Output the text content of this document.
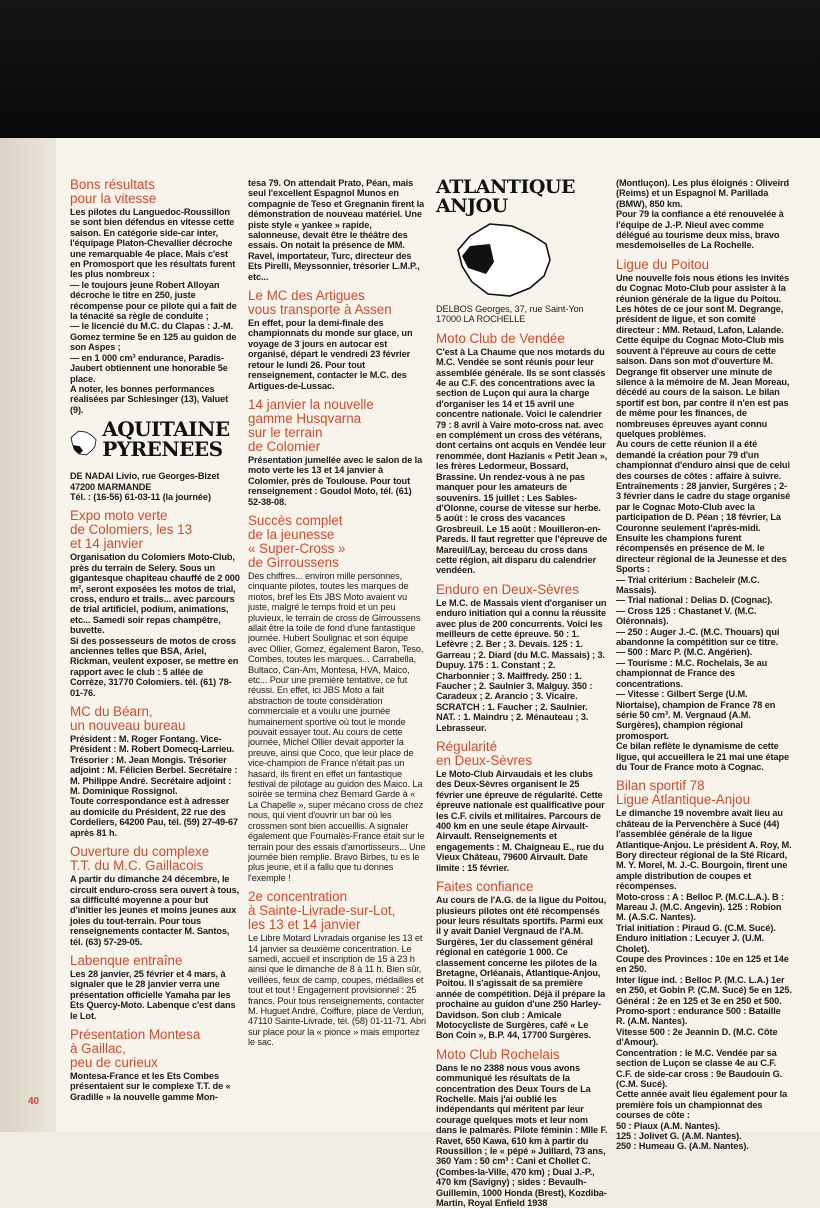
Bons résultats
pour la vitesse

Les pilotes du Languedoc-Roussillon se sont bien défendus en vitesse cette saison. En catégorie side-car inter, l'équipage Platon-Chevallier décroche une remarquable 4e place. Mais c'est en Promosport que les résultats furent les plus nombreux :

— le toujours jeune Robert Alloyan décroche le titre en 250, juste récompense pour ce pilote qui a fait de la ténacité sa règle de conduite ;

— le licencié du M.C. du Clapas : J.-M. Gomez termine 5e en 125 au guidon de son Aspes ;

— en 1 000 cm³ endurance, Paradis-Jaubert obtiennent une honorable 5e place.

A noter, les bonnes performances réalisées par Schlesinger (13), Valuet (9).

AQUITAINE PYRENEES

DE NADAI Livio, rue Georges-Bizet 47200 MARMANDE

Tél. : (16-56) 61-03-11 (la journée)

Expo moto verte
de Colomiers, les 13
et 14 janvier

Organisation du Colomiers Moto-Club, près du terrain de Selery. Sous un gigantesque chapiteau chauffé de 2 000 m², seront exposées les motos de trial, cross, enduro et trails... avec parcours de trial artificiel, podium, animations, etc... Samedi soir repas champêtre, buvette.

Si des possesseurs de motos de cross anciennes telles que BSA, Ariel, Rickman, veulent exposer, se mettre en rapport avec le club : 5 allée de Corrèze, 31770 Colomiers. tél. (61) 78-01-76.

MC du Béarn,
un nouveau bureau

Président : M. Roger Fontang. Vice-Président : M. Robert Domecq-Larrieu. Trésorier : M. Jean Mongis. Trésorier adjoint : M. Félicien Berbel. Secrétaire : M. Philippe André. Secrétaire adjoint : M. Dominique Rossignol.

Toute correspondance est à adresser au domicile du Président, 22 rue des Cordeliers, 64200 Pau, tél. (59) 27-49-67 après 81 h.

Ouverture du complexe
T.T. du M.C. Gaillacois

A partir du dimanche 24 décembre, le circuit enduro-cross sera ouvert à tous, sa difficulté moyenne a pour but d'initier les jeunes et moins jeunes aux joies du tout-terrain. Pour tous renseignements contacter M. Santos, tél. (63) 57-29-05.

Labenque entraîne

Les 28 janvier, 25 février et 4 mars, à signaler que le 28 janvier verra une présentation officielle Yamaha par les Ets Quercy-Moto. Labenque c'est dans le Lot.

Présentation Montesa
à Gaillac,
peu de curieux

Montesa-France et les Ets Combes présentaient sur le complexe T.T. de « Gradille » la nouvelle gamme Mon-

tesa 79. On attendait Prato, Péan, mais seul l'excellent Espagnol Munos en compagnie de Teso et Gregnanin firent la démonstration de nouveau matériel. Une piste style « yankee » rapide, salonneuse, devait être le théâtre des essais. On notait la présence de MM. Ravel, importateur, Turc, directeur des Ets Pirelli, Meyssonnier, trésorier L.M.P., etc...

Le MC des Artigues
vous transporte à Assen

En effet, pour la demi-finale des championnats du monde sur glace, un voyage de 3 jours en autocar est organisé, départ le vendredi 23 février retour le lundi 26. Pour tout renseignement, contacter le M.C. des Artigues-de-Lussac.

14 janvier la nouvelle
gamme Husqvarna
sur le terrain
de Colomier

Présentation jumellée avec le salon de la moto verte les 13 et 14 janvier à Colomier, près de Toulouse. Pour tout renseignement : Goudol Moto, tél. (61) 52-38-08.

Succès complet
de la jeunesse
« Super-Cross »
de Girroussens

Des chiffres... environ mille personnes, cinquante pilotes, toutes les marques de motos, bref les Ets JBS Moto avaient vu juste, malgré le temps froid et un peu pluvieux, le terrain de cross de Girroussens allait être la toile de fond d'une fantastique journée. Hubert Soulignac et son équipe avec Ollier, Gomez, également Baron, Teso, Combes, toutes les marques... Carrabella, Bultaco, Can-Am, Montesa, HVA, Maico, etc... Pour une première tentative, ce fut réussi. En effet, ici JBS Moto a fait abstraction de toute considération commerciale et a voulu une journée humainement sportive où tout le monde pouvait essayer tout. Au cours de cette journée, Michel Ollier devait apporter la preuve, ainsi que Coco, que leur place de vice-champion de France n'était pas un hasard, ils firent en effet un fantastique festival de pilotage au guidon des Maico. La soirée se termina chez Bernard Garde à « La Chapelle », super mécano cross de chez nous, qui vient d'ouvrir un bar où les crossmen sont bien accueillis. A signaler également que Fournalès-France était sur le terrain pour des essais d'amortisseurs... Une journée bien remplie. Bravo Birbes, tu es le plus jeune, et il a fallu que tu donnes l'exemple !

2e concentration
à Sainte-Livrade-sur-Lot,
les 13 et 14 janvier

Le Libre Motard Livradais organise les 13 et 14 janvier sa deuxième concentration. Le samedi, accueil et inscription de 15 à 23 h ainsi que le dimanche de 8 à 11 h. Bien sûr, veillées, feux de camp, coupes, médailles et tout et tout ! Engagement provisionnel : 25 francs. Pour tous renseignements, contacter M. Huguet André, Coiffure, place de Verdun, 47110 Sainte-Livrade, tél. (58) 01-11-71. Abri sur place pour la « pionce » mais emportez le sac.

ATLANTIQUE
ANJOU

DELBOS Georges, 37, rue Saint-Yon 17000 LA ROCHELLE

Moto Club de Vendée

C'est à La Chaume que nos motards du M.C. Vendée se sont réunis pour leur assemblée générale. Ils se sont classés 4e au C.F. des concentrations avec la section de Luçon qui aura la charge d'organiser les 14 et 15 avril une concentre nationale. Voici le calendrier 79 : 8 avril à Vaire moto-cross nat. avec en complément un cross des vétérans, dont certains ont acquis en Vendée leur renommée, dont Hazianis « Petit Jean », les frères Ledormeur, Bossard, Brassine. Un rendez-vous à ne pas manquer pour les amateurs de souvenirs. 15 juillet : Les Sables-d'Olonne, course de vitesse sur herbe. 5 août : le cross des vacances Grosbreuil. Le 15 août : Mouilleron-en-Pareds. Il faut regretter que l'épreuve de Mareuil/Lay, berceau du cross dans cette région, ait disparu du calendrier vendéen.

Enduro en Deux-Sèvres

Le M.C. de Massais vient d'organiser un enduro initiation qui a connu la réussite avec plus de 200 concurrents. Voici les meilleurs de cette épreuve. 50 : 1. Lefèvre ; 2. Ber ; 3. Devais. 125 : 1. Garreau ; 2. Diard (du M.C. Massais) ; 3. Dupuy. 175 : 1. Constant ; 2. Charbonnier ; 3. Maiffredy. 250 : 1. Faucher ; 2. Saulnier 3. Malguy. 350 : Caradeux ; 2. Arancio ; 3. Vicaire. SCRATCH : 1. Faucher ; 2. Saulnier. NAT. : 1. Maindru ; 2. Ménauteau ; 3. Lebrasseur.

Régularité
en Deux-Sèvres

Le Moto-Club Airvaudais et les clubs des Deux-Sèvres organisent le 25 février une épreuve de régularité. Cette épreuve nationale est qualificative pour les C.F. civils et militaires. Parcours de 400 km en une seule étape Airvault-Airvault. Renseignements et engagements : M. Chaigneau E., rue du Vieux Château, 79600 Airvault. Date limite : 15 février.

Faites confiance

Au cours de l'A.G. de la ligue du Poitou, plusieurs pilotes ont été récompensés pour leurs résultats sportifs. Parmi eux il y avait Daniel Vergnaud de l'A.M. Surgères, 1er du classement général régional en catégorie 1 000. Ce classement concerne les pilotes de la Bretagne, Orléanais, Atlantique-Anjou, Poitou. Il s'agissait de sa première année de compétition. Déjà il prépare la prochaine au guidon d'une 250 Harley-Davidson. Son club : Amicale Motocycliste de Surgères, café « Le Bon Coin », B.P. 44, 17700 Surgères.

Moto Club Rochelais

Dans le no 2388 nous vous avons communiqué les résultats de la concentration des Deux Tours de La Rochelle. Mais j'ai oublié les indépendants qui méritent par leur courage quelques mots et leur nom dans le palmarès. Pilote féminin : Mlle F. Ravet, 650 Kawa, 610 km à partir du Roussillon ; le « pépé » Juillard, 73 ans, 360 Yam : 50 cm³ : Cani et Chollet C. (Combes-la-Ville, 470 km) ; Dual J.-P., 470 km (Savigny) ; sides : Bevaulh-Guillemin, 1000 Honda (Brest), Kozdiba-Martin, Royal Enfield 1938

(Montluçon). Les plus éloignés : Oliveird (Reims) et un Espagnol M. Parillada (BMW), 850 km.

Pour 79 la confiance a été renouvelée à l'équipe de J.-P. Nieul avec comme délégué au tourisme deux miss, bravo mesdemoiselles de La Rochelle.

Ligue du Poitou

Une nouvelle fois nous étions les invités du Cognac Moto-Club pour assister à la réunion générale de la ligue du Poitou. Les hôtes de ce jour sont M. Degrange, président de ligue, et son comité directeur : MM. Retaud, Lafon, Lalande. Cette équipe du Cognac Moto-Club mis souvent à l'épreuve au cours de cette saison. Dans son mot d'ouverture M. Degrange fit observer une minute de silence à la mémoire de M. Jean Moreau, décédé au cours de la saison. Le bilan sportif est bon, par contre il n'en est pas de même pour les finances, de nombreuses épreuves ayant connu quelques problèmes.

Au cours de cette réunion il a été demandé la création pour 79 d'un championnat d'enduro ainsi que de celui des courses de côtes : affaire à suivre.

Entraînements : 28 janvier, Surgères ; 2-3 février dans le cadre du stage organisé par le Cognac Moto-Club avec la participation de D. Péan ; 18 février, La Couronne seulement l'après-midi.

Ensuite les champions furent récompensés en présence de M. le directeur régional de la Jeunesse et des Sports :

— Trial critérium : Bacheleir (M.C. Massais).

— Trial national : Delias D. (Cognac).

— Cross 125 : Chastanet V. (M.C. Oléronnais).

— 250 : Auger J.-C. (M.C. Thouars) qui abandonne la compétition sur ce titre.

— 500 : Marc P. (M.C. Angérien).

— Tourisme : M.C. Rochelais, 3e au championnat de France des concentrations.

— Vitesse : Gilbert Serge (U.M. Niortaise), champion de France 78 en série 50 cm³. M. Vergnaud (A.M. Surgères), champion régional promosport.

Ce bilan reflète le dynamisme de cette ligue, qui accueillera le 21 mai une étape du Tour de France moto à Cognac.

Bilan sportif 78
Ligue Atlantique-Anjou

Le dimanche 19 novembre avait lieu au château de la Pervenchère à Sucé (44) l'assemblée générale de la ligue Atlantique-Anjou. Le président A. Roy, M. Bory directeur régional de la Sté Ricard, M. Y. Morel, M. J.-C. Bourgoin, firent une ample distribution de coupes et récompenses.

Moto-cross : A : Belloc P. (M.C.L.A.). B : Mareau J. (M.C. Angevin). 125 : Robion M. (A.S.C. Nantes).

Trial initiation : Piraud G. (C.M. Sucé).

Enduro initiation : Lecuyer J. (U.M. Cholet).

Coupe des Provinces : 10e en 125 et 14e en 250.

Inter ligue ind. : Belloc P. (M.C. L.A.) 1er en 250, et Gobin P. (C.M. Sucé) 5e en 125.

Général : 2e en 125 et 3e en 250 et 500.

Promo-sport : endurance 500 : Bataille R. (A.M. Nantes).

Vitesse 500 : 2e Jeannin D. (M.C. Côte d'Amour).

Concentration : le M.C. Vendée par sa section de Luçon se classe 4e au C.F.

C.F. de side-car cross : 9e Baudouin G. (C.M. Sucé).

Cette année avait lieu également pour la première fois un championnat des courses de côte :

50 : Piaux (A.M. Nantes).

125 : Jolivet G. (A.M. Nantes).

250 : Humeau G. (A.M. Nantes).

40
